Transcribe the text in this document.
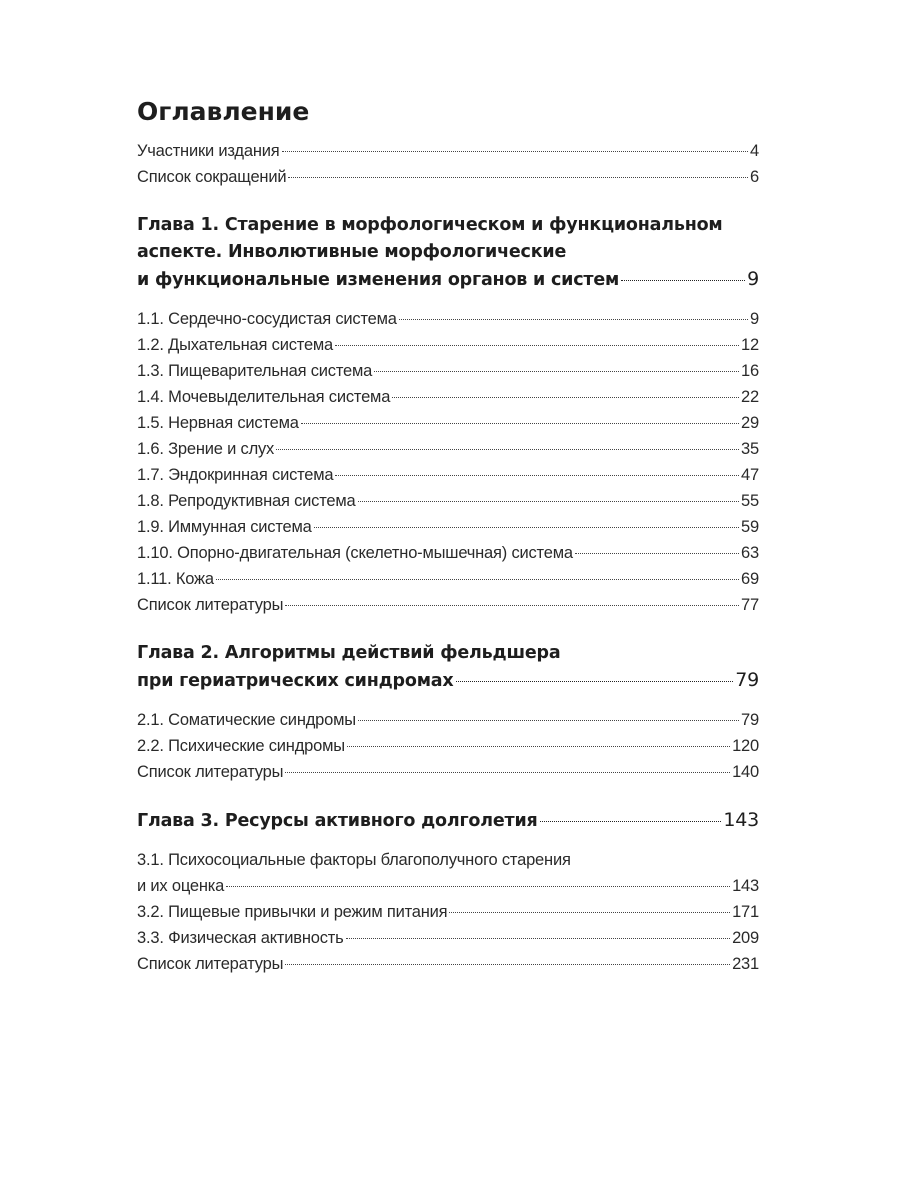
Оглавление
Участники издания	4
Список сокращений	6
Глава 1. Старение в морфологическом и функциональном
аспекте. Инволютивные морфологические
и функциональные изменения органов и систем	9
1.1. Сердечно-сосудистая система	9
1.2. Дыхательная система	12
1.3. Пищеварительная система	16
1.4. Мочевыделительная система	22
1.5. Нервная система	29
1.6. Зрение и слух	35
1.7. Эндокринная система	47
1.8. Репродуктивная система	55
1.9. Иммунная система	59
1.10. Опорно-двигательная (скелетно-мышечная) система	63
1.11. Кожа	69
Список литературы	77
Глава 2. Алгоритмы действий фельдшера
при гериатрических синдромах	79
2.1. Соматические синдромы	79
2.2. Психические синдромы	120
Список литературы	140
Глава 3. Ресурсы активного долголетия	143
3.1. Психосоциальные факторы благополучного старения
и их оценка	143
3.2. Пищевые привычки и режим питания	171
3.3. Физическая активность	209
Список литературы	231
